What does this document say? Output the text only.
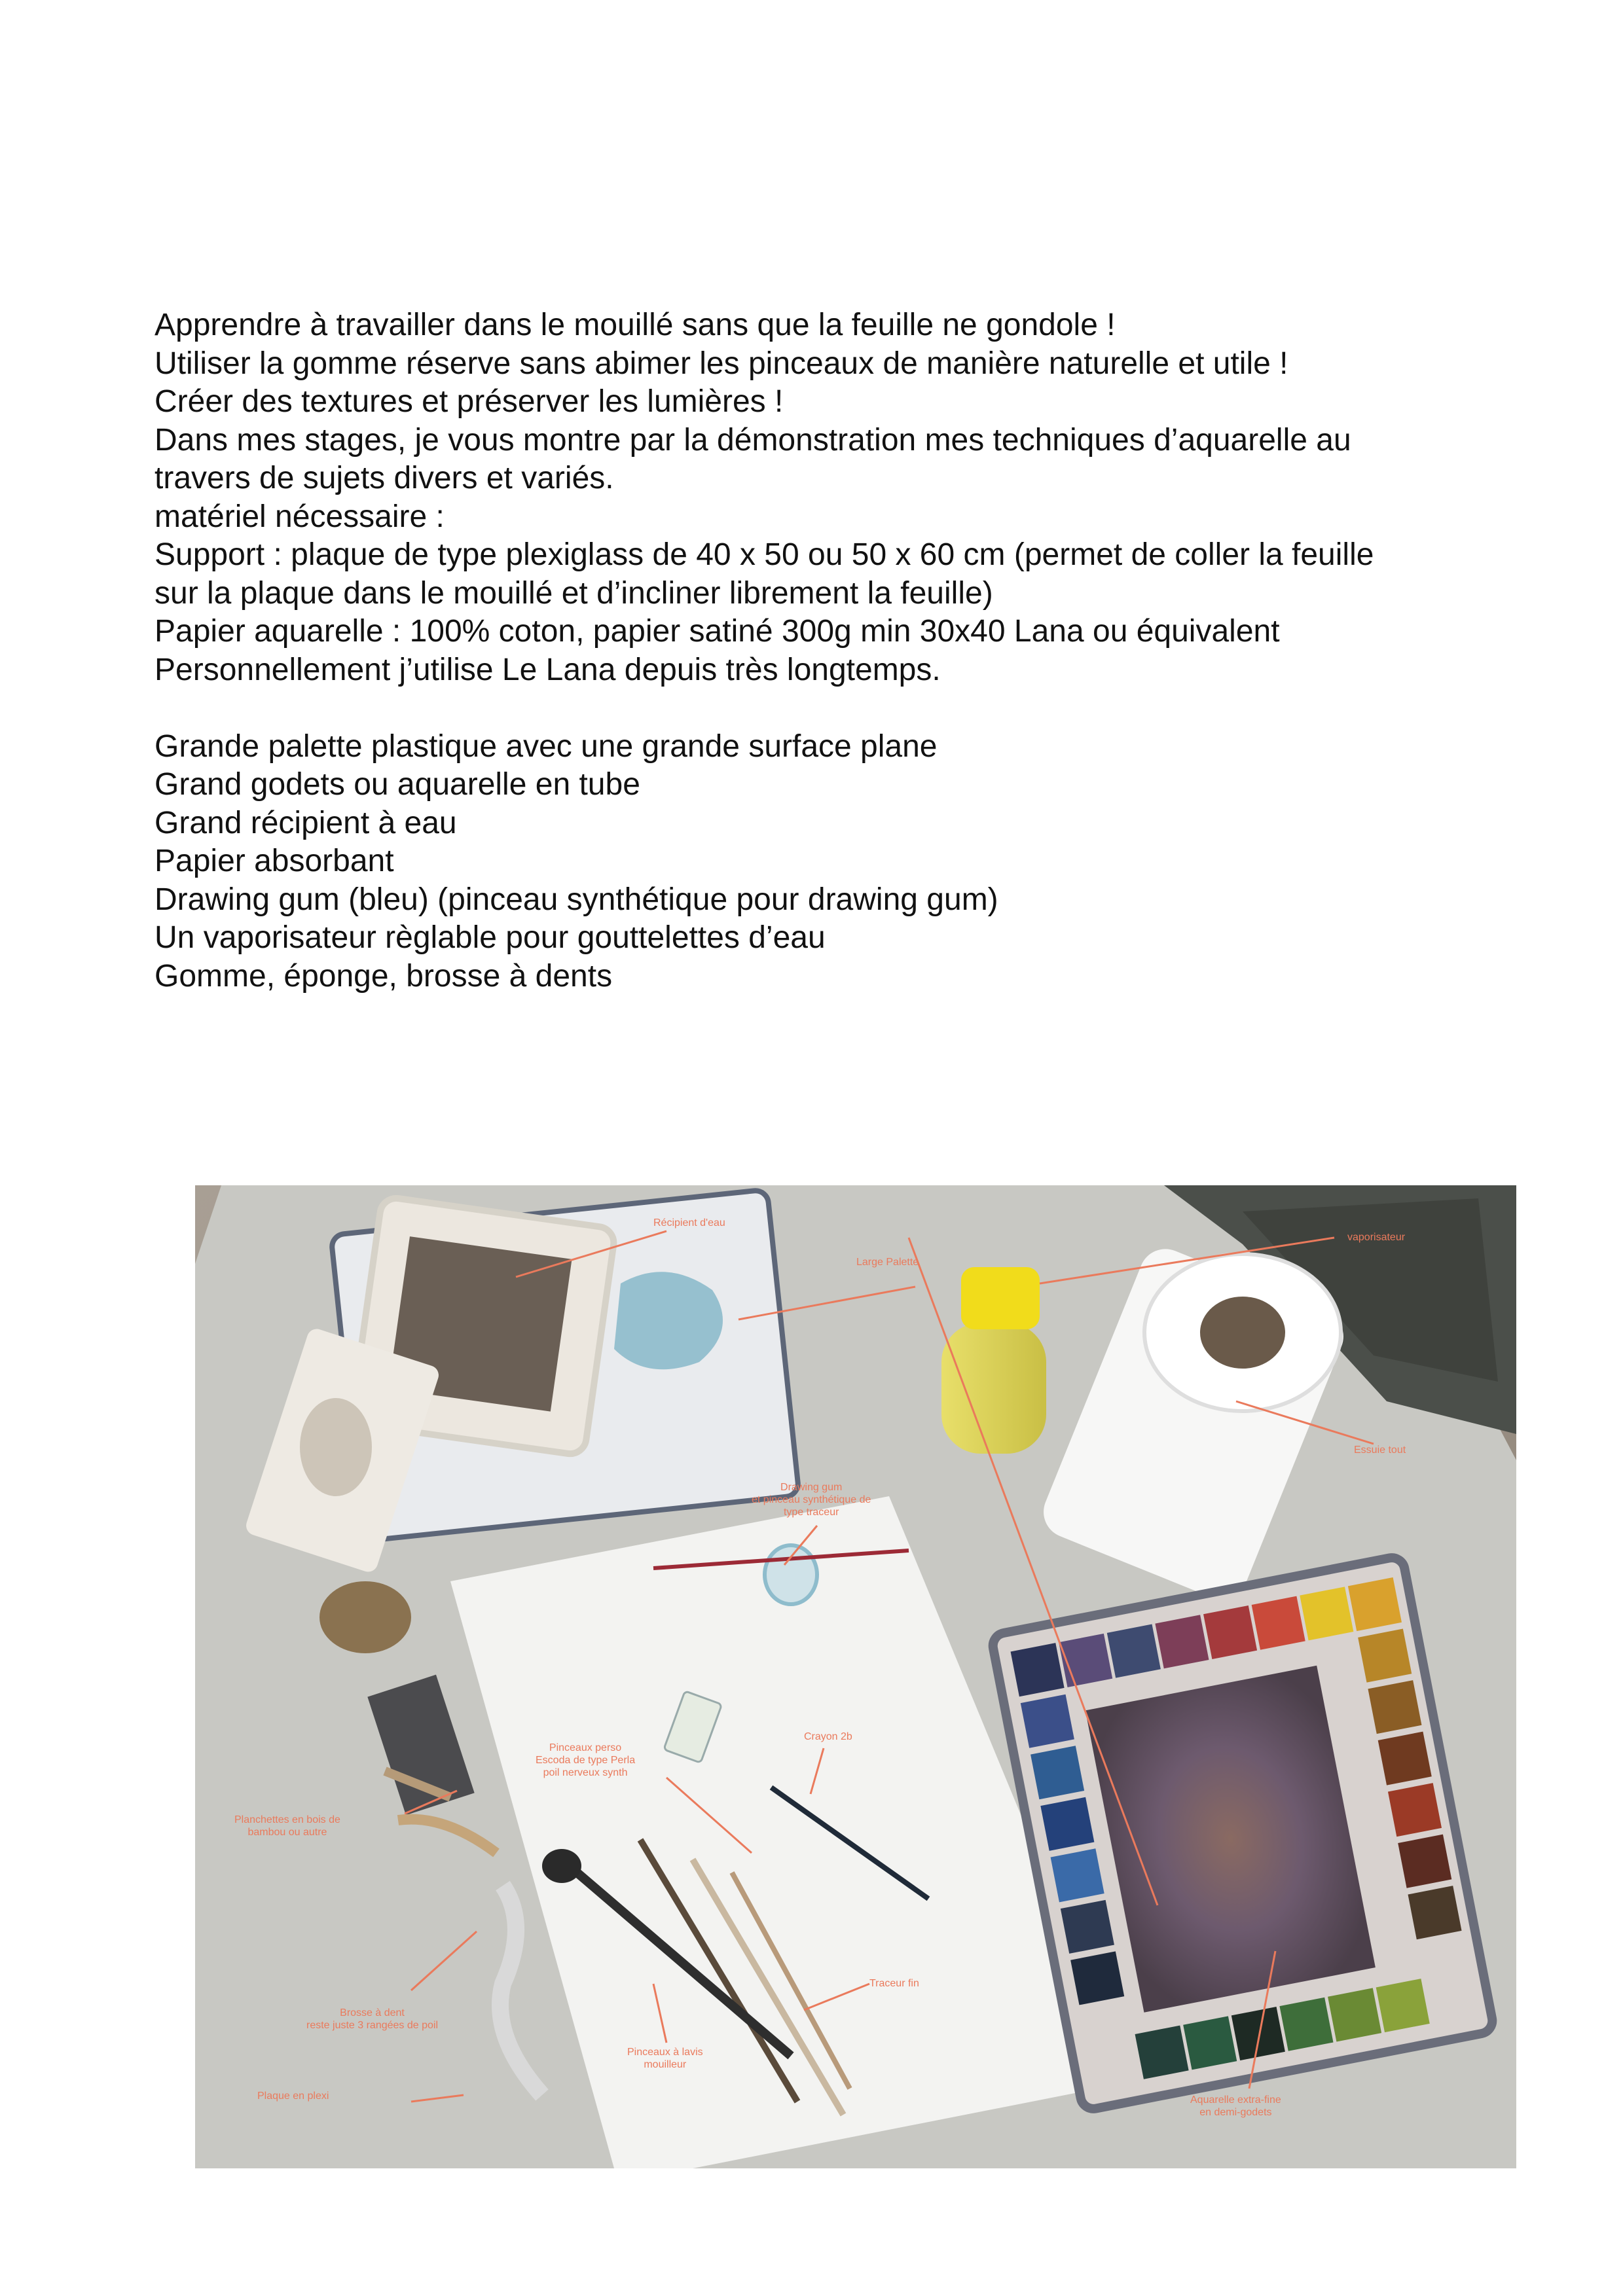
Apprendre à travailler dans le mouillé sans que la feuille ne gondole !

Utiliser la gomme réserve sans abimer les pinceaux de manière naturelle et utile !

Créer des textures et préserver les lumières !

Dans mes stages, je vous montre par la démonstration mes techniques d’aquarelle au

travers de sujets divers et variés.

matériel nécessaire :

Support : plaque de type plexiglass de 40 x 50 ou 50 x 60 cm (permet de coller la feuille

sur la plaque dans le mouillé et d’incliner librement la feuille)

Papier aquarelle : 100% coton, papier satiné 300g min 30x40 Lana ou équivalent

Personnellement j’utilise Le Lana depuis très longtemps.

Grande palette plastique avec une grande surface plane

Grand godets ou aquarelle en tube

Grand récipient à eau

Papier absorbant

Drawing gum (bleu) (pinceau synthétique pour drawing gum)

Un vaporisateur règlable pour gouttelettes d’eau

Gomme, éponge, brosse à dents

Récipient d'eau
Large Palette
vaporisateur
Essuie tout
Drawing gum
et pinceau synthétique de
type traceur
Pinceaux perso
Escoda de type Perla
poil nerveux synth
Crayon 2b
Planchettes en bois de
bambou ou autre
Brosse à dent
reste juste 3 rangées de poil
Plaque en plexi
Traceur fin
Pinceaux à lavis
mouilleur
Aquarelle extra-fine
en demi-godets
